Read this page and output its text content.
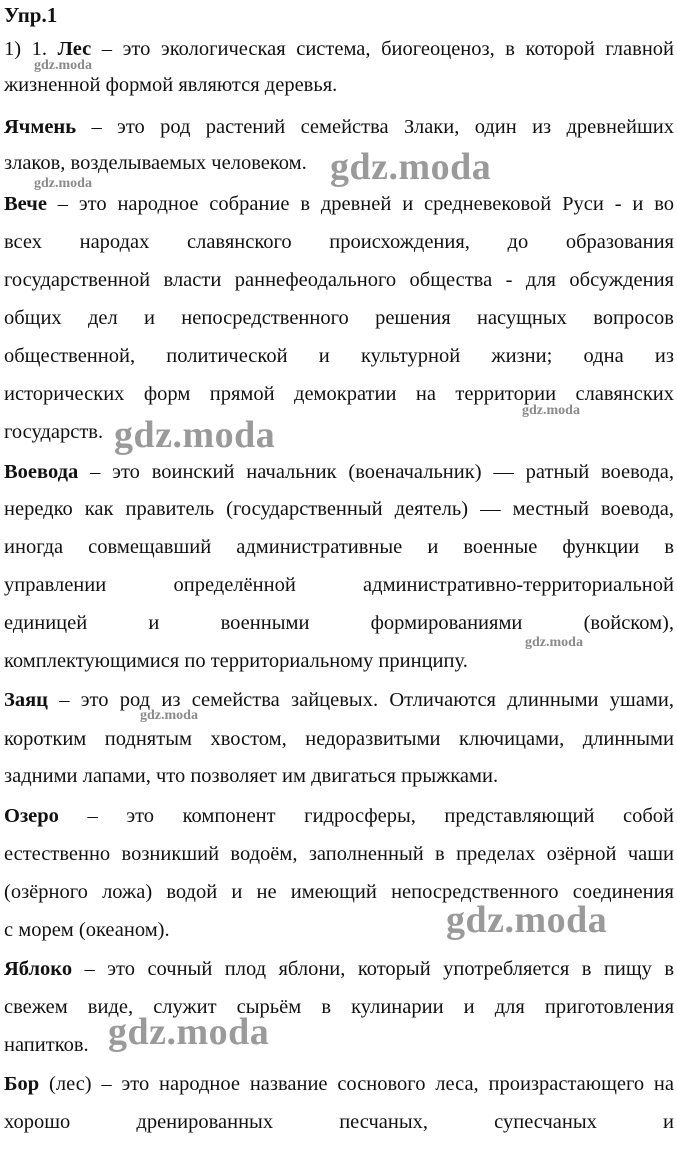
Упр.1
1) 1. Лес – это экологическая система, биогеоценоз, в которой главной
жизненной формой являются деревья.
Ячмень – это род растений семейства Злаки, один из древнейших
злаков, возделываемых человеком.
Вече – это народное собрание в древней и средневековой Руси - и во
всех народах славянского происхождения, до образования
государственной власти раннефеодального общества - для обсуждения
общих дел и непосредственного решения насущных вопросов
общественной, политической и культурной жизни; одна из
исторических форм прямой демократии на территории славянских
государств.
Воевода – это воинский начальник (военачальник) — ратный воевода,
нередко как правитель (государственный деятель) — местный воевода,
иногда совмещавший административные и военные функции в
управлении определённой административно-территориальной
единицей и военными формированиями (войском),
комплектующимися по территориальному принципу.
Заяц – это род из семейства зайцевых. Отличаются длинными ушами,
коротким поднятым хвостом, недоразвитыми ключицами, длинными
задними лапами, что позволяет им двигаться прыжками.
Озеро – это компонент гидросферы, представляющий собой
естественно возникший водоём, заполненный в пределах озёрной чаши
(озёрного ложа) водой и не имеющий непосредственного соединения
с морем (океаном).
Яблоко – это сочный плод яблони, который употребляется в пищу в
свежем виде, служит сырьём в кулинарии и для приготовления
напитков.
Бор (лес) – это народное название соснового леса, произрастающего на
хорошо дренированных песчаных, супесчаных и
gdz.moda
gdz.moda	gdz.moda
gdz.moda
gdz.moda
gdz.moda
gdz.moda
gdz.moda
gdz.moda
